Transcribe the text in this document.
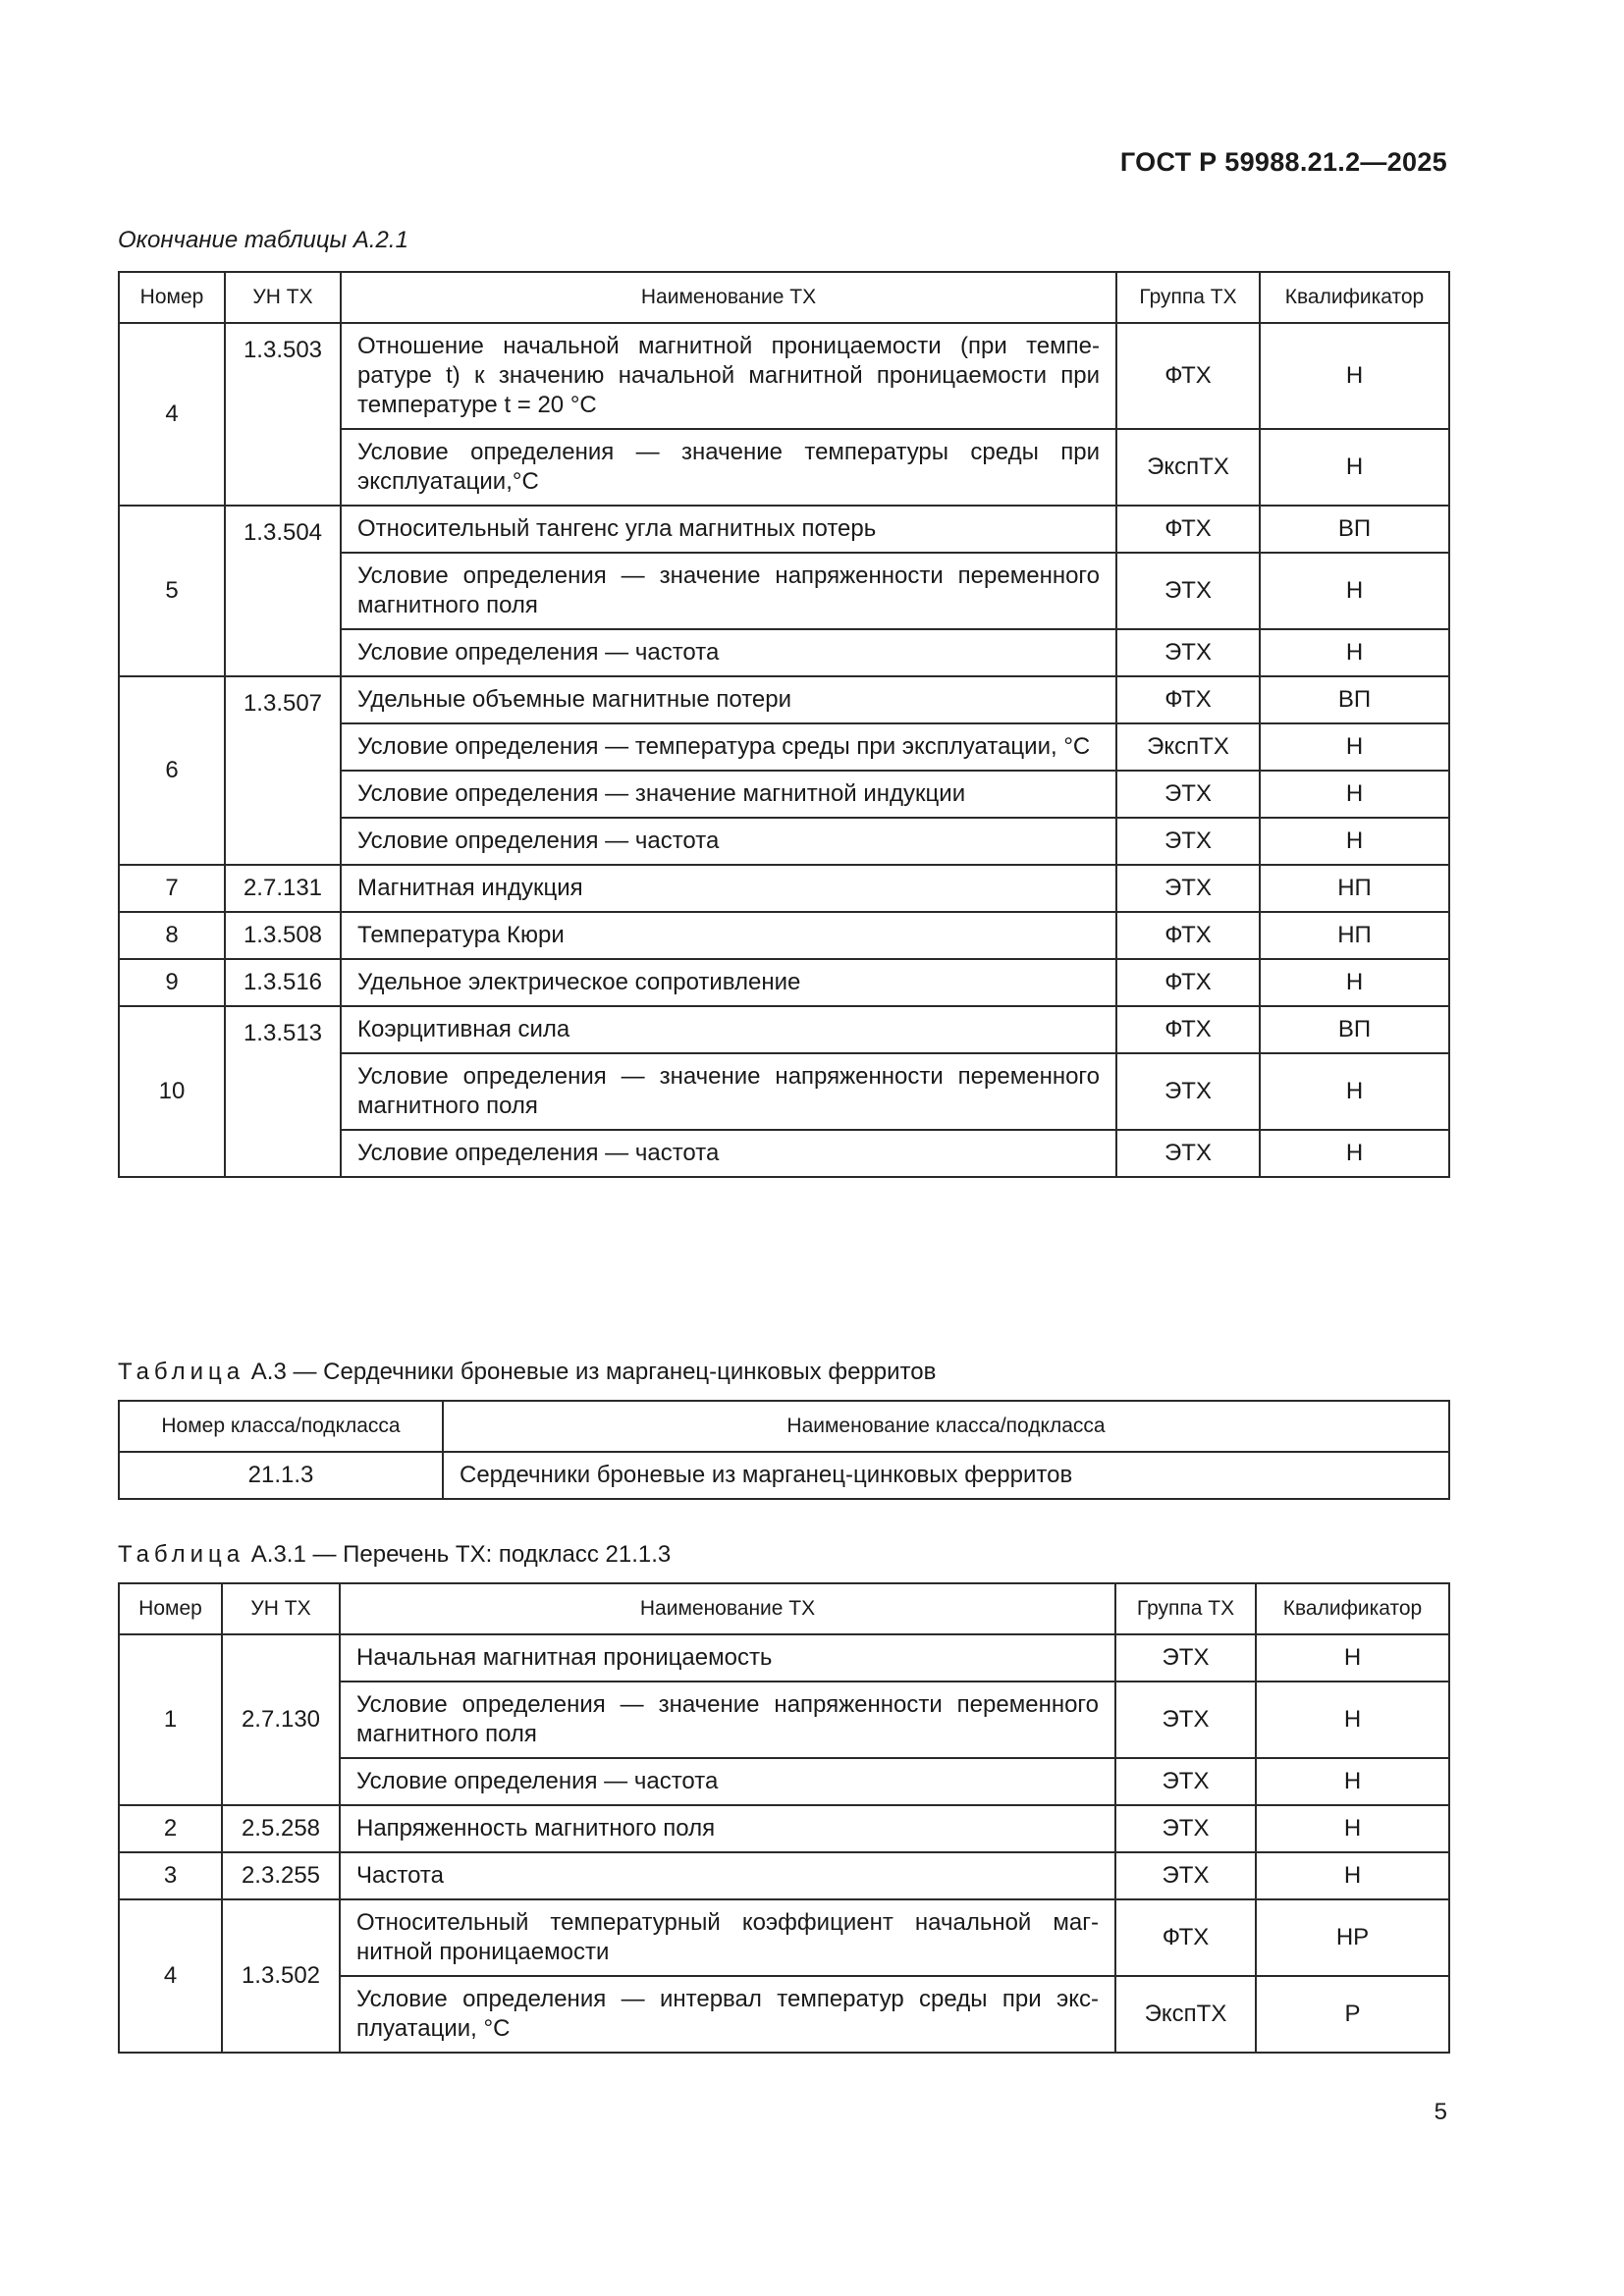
ГОСТ Р 59988.21.2—2025
Окончание таблицы А.2.1
Номер	УН ТХ	Наименование ТХ	Группа ТХ	Квалификатор
4	1.3.503	Отношение начальной магнитной проницаемости (при температуре t) к значению начальной магнитной проницаемости при температуре t = 20 °С	ФТХ	Н
		Условие определения — значение температуры среды при эксплуатации,°С	ЭкспТХ	Н
5	1.3.504	Относительный тангенс угла магнитных потерь	ФТХ	ВП
		Условие определения — значение напряженности переменного магнитного поля	ЭТХ	Н
		Условие определения — частота	ЭТХ	Н
6	1.3.507	Удельные объемные магнитные потери	ФТХ	ВП
		Условие определения — температура среды при эксплуатации, °С	ЭкспТХ	Н
		Условие определения — значение магнитной индукции	ЭТХ	Н
		Условие определения — частота	ЭТХ	Н
7	2.7.131	Магнитная индукция	ЭТХ	НП
8	1.3.508	Температура Кюри	ФТХ	НП
9	1.3.516	Удельное электрическое сопротивление	ФТХ	Н
10	1.3.513	Коэрцитивная сила	ФТХ	ВП
		Условие определения — значение напряженности переменного магнитного поля	ЭТХ	Н
		Условие определения — частота	ЭТХ	Н
Таблица А.3 — Сердечники броневые из марганец-цинковых ферритов
Номер класса/подкласса	Наименование класса/подкласса
21.1.3	Сердечники броневые из марганец-цинковых ферритов
Таблица А.3.1 — Перечень ТХ: подкласс 21.1.3
Номер	УН ТХ	Наименование ТХ	Группа ТХ	Квалификатор
1	2.7.130	Начальная магнитная проницаемость	ЭТХ	Н
		Условие определения — значение напряженности переменного магнитного поля	ЭТХ	Н
		Условие определения — частота	ЭТХ	Н
2	2.5.258	Напряженность магнитного поля	ЭТХ	Н
3	2.3.255	Частота	ЭТХ	Н
4	1.3.502	Относительный температурный коэффициент начальной магнитной проницаемости	ФТХ	НР
		Условие определения — интервал температур среды при эксплуатации, °С	ЭкспТХ	Р
5
